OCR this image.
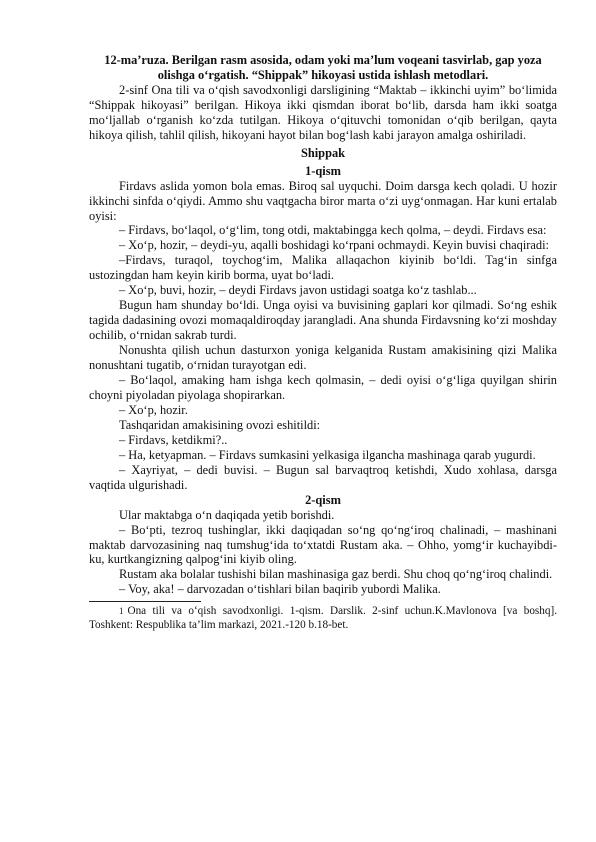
12-ma’ruza. Berilgan rasm asosida, odam yoki ma’lum voqeani tasvirlab, gap yoza olishga o‘rgatish. “Shippak” hikoyasi ustida ishlash metodlari.

2-sinf Ona tili va o‘qish savodxonligi darsligining “Maktab – ikkinchi uyim” bo‘limida “Shippak hikoyasi” berilgan. Hikoya ikki qismdan iborat bo‘lib, darsda ham ikki soatga mo‘ljallab o‘rganish ko‘zda tutilgan. Hikoya o‘qituvchi tomonidan o‘qib berilgan, qayta hikoya qilish, tahlil qilish, hikoyani hayot bilan bog‘lash kabi jarayon amalga oshiriladi.

Shippak

1-qism

Firdavs aslida yomon bola emas. Biroq sal uyquchi. Doim darsga kech qoladi. U hozir ikkinchi sinfda o‘qiydi. Ammo shu vaqtgacha biror marta o‘zi uyg‘onmagan. Har kuni ertalab oyisi:

– Firdavs, bo‘laqol, o‘g‘lim, tong otdi, maktabingga kech qolma, – deydi. Firdavs esa:

– Xo‘p, hozir, – deydi-yu, aqalli boshidagi ko‘rpani ochmaydi. Keyin buvisi chaqiradi:

–Firdavs, turaqol, toychog‘im, Malika allaqachon kiyinib bo‘ldi. Tag‘in sinfga ustozingdan ham keyin kirib borma, uyat bo‘ladi.

– Xo‘p, buvi, hozir, – deydi Firdavs javon ustidagi soatga ko‘z tashlab...

Bugun ham shunday bo‘ldi. Unga oyisi va buvisining gaplari kor qilmadi. So‘ng eshik tagida dadasining ovozi momaqaldiroqday jarangladi. Ana shunda Firdavsning ko‘zi moshday ochilib, o‘rnidan sakrab turdi.

Nonushta qilish uchun dasturxon yoniga kelganida Rustam amakisining qizi Malika nonushtani tugatib, o‘rnidan turayotgan edi.

– Bo‘laqol, amaking ham ishga kech qolmasin, – dedi oyisi o‘g‘liga quyilgan shirin choyni piyoladan piyolaga shopirarkan.

– Xo‘p, hozir.

Tashqaridan amakisining ovozi eshitildi:

– Firdavs, ketdikmi?..

– Ha, ketyapman. – Firdavs sumkasini yelkasiga ilgancha mashinaga qarab yugurdi.

– Xayriyat, – dedi buvisi. – Bugun sal barvaqtroq ketishdi, Xudo xohlasa, darsga vaqtida ulgurishadi.

2-qism

Ular maktabga o‘n daqiqada yetib borishdi.

– Bo‘pti, tezroq tushinglar, ikki daqiqadan so‘ng qo‘ng‘iroq chalinadi, – mashinani maktab darvozasining naq tumshug‘ida to‘xtatdi Rustam aka. – Ohho, yomg‘ir kuchayibdi-ku, kurtkangizning qalpog‘ini kiyib oling.

Rustam aka bolalar tushishi bilan mashinasiga gaz berdi. Shu choq qo‘ng‘iroq chalindi.

– Voy, aka! – darvozadan o‘tishlari bilan baqirib yubordi Malika.

1 Ona tili va o‘qish savodxonligi. 1-qism. Darslik. 2-sinf uchun.K.Mavlonova [va boshq]. Toshkent: Respublika ta’lim markazi, 2021.-120 b.18-bet.
